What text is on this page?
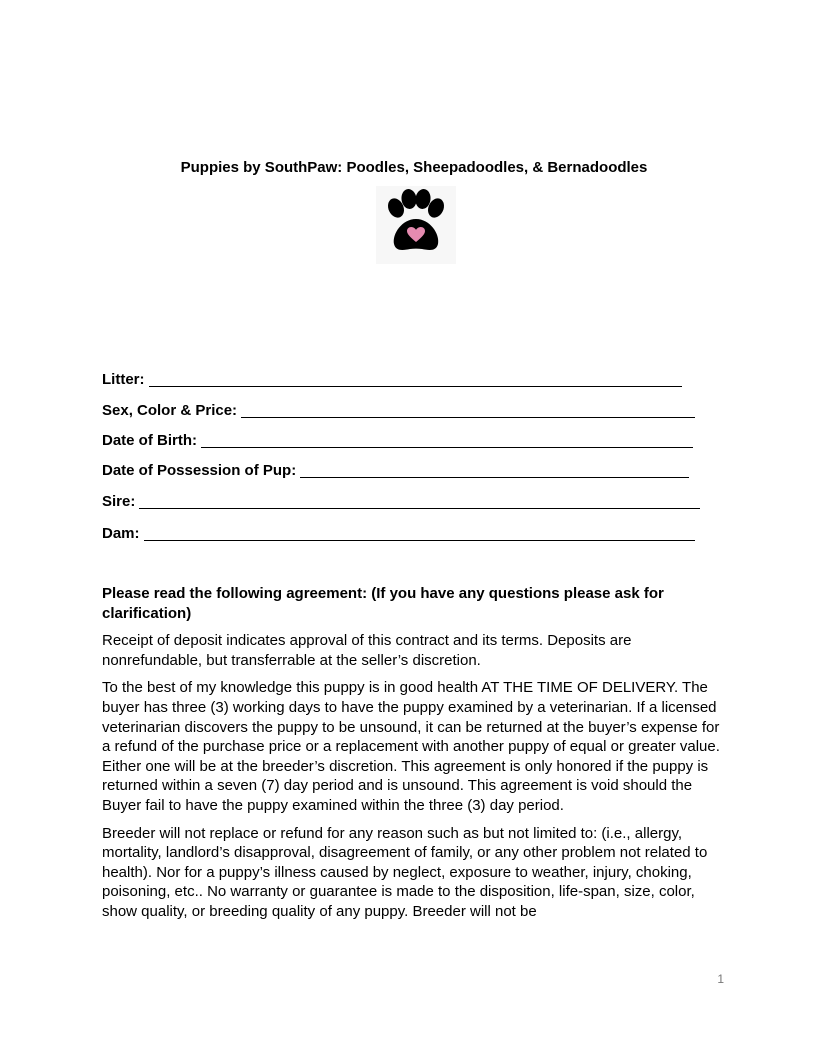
Puppies by SouthPaw: Poodles, Sheepadoodles, & Bernadoodles
Litter:
Sex, Color & Price:
Date of Birth:
Date of Possession of Pup:
Sire:
Dam:

Please read the following agreement: (If you have any questions please ask for clarification)

Receipt of deposit indicates approval of this contract and its terms. Deposits are nonrefundable, but transferrable at the seller’s discretion.

To the best of my knowledge this puppy is in good health AT THE TIME OF DELIVERY. The buyer has three (3) working days to have the puppy examined by a veterinarian. If a licensed veterinarian discovers the puppy to be unsound, it can be returned at the buyer’s expense for a refund of the purchase price or a replacement with another puppy of equal or greater value. Either one will be at the breeder’s discretion. This agreement is only honored if the puppy is returned within a seven (7) day period and is unsound. This agreement is void should the Buyer fail to have the puppy examined within the three (3) day period.

Breeder will not replace or refund for any reason such as but not limited to: (i.e., allergy, mortality, landlord’s disapproval, disagreement of family, or any other problem not related to health). Nor for a puppy’s illness caused by neglect, exposure to weather, injury, choking, poisoning, etc.. No warranty or guarantee is made to the disposition, life-span, size, color, show quality, or breeding quality of any puppy. Breeder will not be

1
